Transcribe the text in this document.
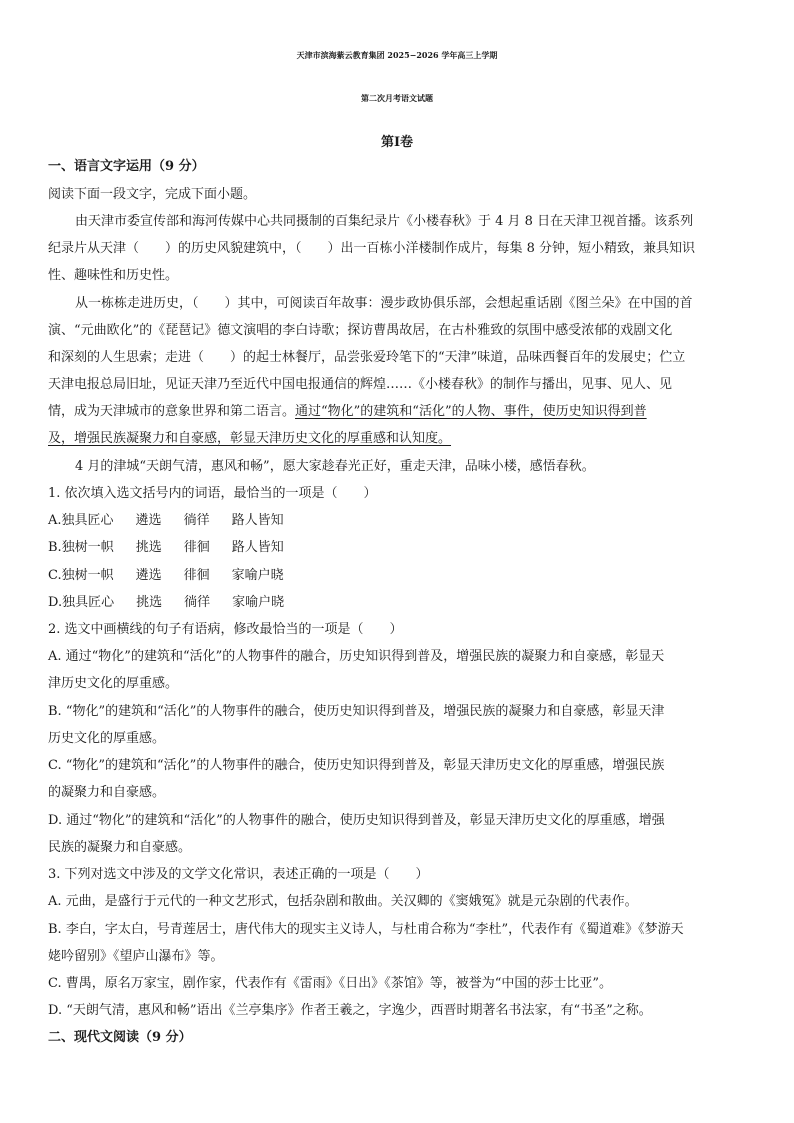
天津市滨海紫云教育集团 2025−2026 学年高三上学期
第二次月考语文试题
第Ⅰ卷
一、语言文字运用（9 分）
阅读下面一段文字，完成下面小题。
由天津市委宣传部和海河传媒中心共同摄制的百集纪录片《小楼春秋》于 4 月 8 日在天津卫视首播。该系列
纪录片从天津（　　）的历史风貌建筑中，（　　）出一百栋小洋楼制作成片，每集 8 分钟，短小精致，兼具知识
性、趣味性和历史性。
从一栋栋走进历史，（　　）其中，可阅读百年故事：漫步政协俱乐部，会想起重话剧《图兰朵》在中国的首
演、“元曲欧化”的《琵琶记》德文演唱的李白诗歌；探访曹禺故居，在古朴雅致的氛围中感受浓郁的戏剧文化
和深刻的人生思索；走进（　　）的起士林餐厅，品尝张爱玲笔下的“天津”味道，品味西餐百年的发展史；伫立
天津电报总局旧址，见证天津乃至近代中国电报通信的辉煌……《小楼春秋》的制作与播出，见事、见人、见
情，成为天津城市的意象世界和第二语言。通过“物化”的建筑和“活化”的人物、事件，使历史知识得到普
及，增强民族凝聚力和自豪感，彰显天津历史文化的厚重感和认知度。
4 月的津城“天朗气清，惠风和畅”，愿大家趁春光正好，重走天津，品味小楼，感悟春秋。
1. 依次填入选文括号内的词语，最恰当的一项是（　　）
A.独具匠心 遴选 徜徉 路人皆知
B.独树一帜 挑选 徘徊 路人皆知
C.独树一帜 遴选 徘徊 家喻户晓
D.独具匠心 挑选 徜徉 家喻户晓
2. 选文中画横线的句子有语病，修改最恰当的一项是（　　）
A. 通过“物化”的建筑和“活化”的人物事件的融合，历史知识得到普及，增强民族的凝聚力和自豪感，彰显天
津历史文化的厚重感。
B. “物化”的建筑和“活化”的人物事件的融合，使历史知识得到普及，增强民族的凝聚力和自豪感，彰显天津
历史文化的厚重感。
C. “物化”的建筑和“活化”的人物事件的融合，使历史知识得到普及，彰显天津历史文化的厚重感，增强民族
的凝聚力和自豪感。
D. 通过“物化”的建筑和“活化”的人物事件的融合，使历史知识得到普及，彰显天津历史文化的厚重感，增强
民族的凝聚力和自豪感。
3. 下列对选文中涉及的文学文化常识，表述正确的一项是（　　）
A. 元曲，是盛行于元代的一种文艺形式，包括杂剧和散曲。关汉卿的《窦娥冤》就是元杂剧的代表作。
B. 李白，字太白，号青莲居士，唐代伟大的现实主义诗人，与杜甫合称为“李杜”，代表作有《蜀道难》《梦游天
姥吟留别》《望庐山瀑布》等。
C. 曹禺，原名万家宝，剧作家，代表作有《雷雨》《日出》《茶馆》等，被誉为“中国的莎士比亚”。
D. “天朗气清，惠风和畅”语出《兰亭集序》作者王羲之，字逸少，西晋时期著名书法家，有“书圣”之称。
二、现代文阅读（9 分）
